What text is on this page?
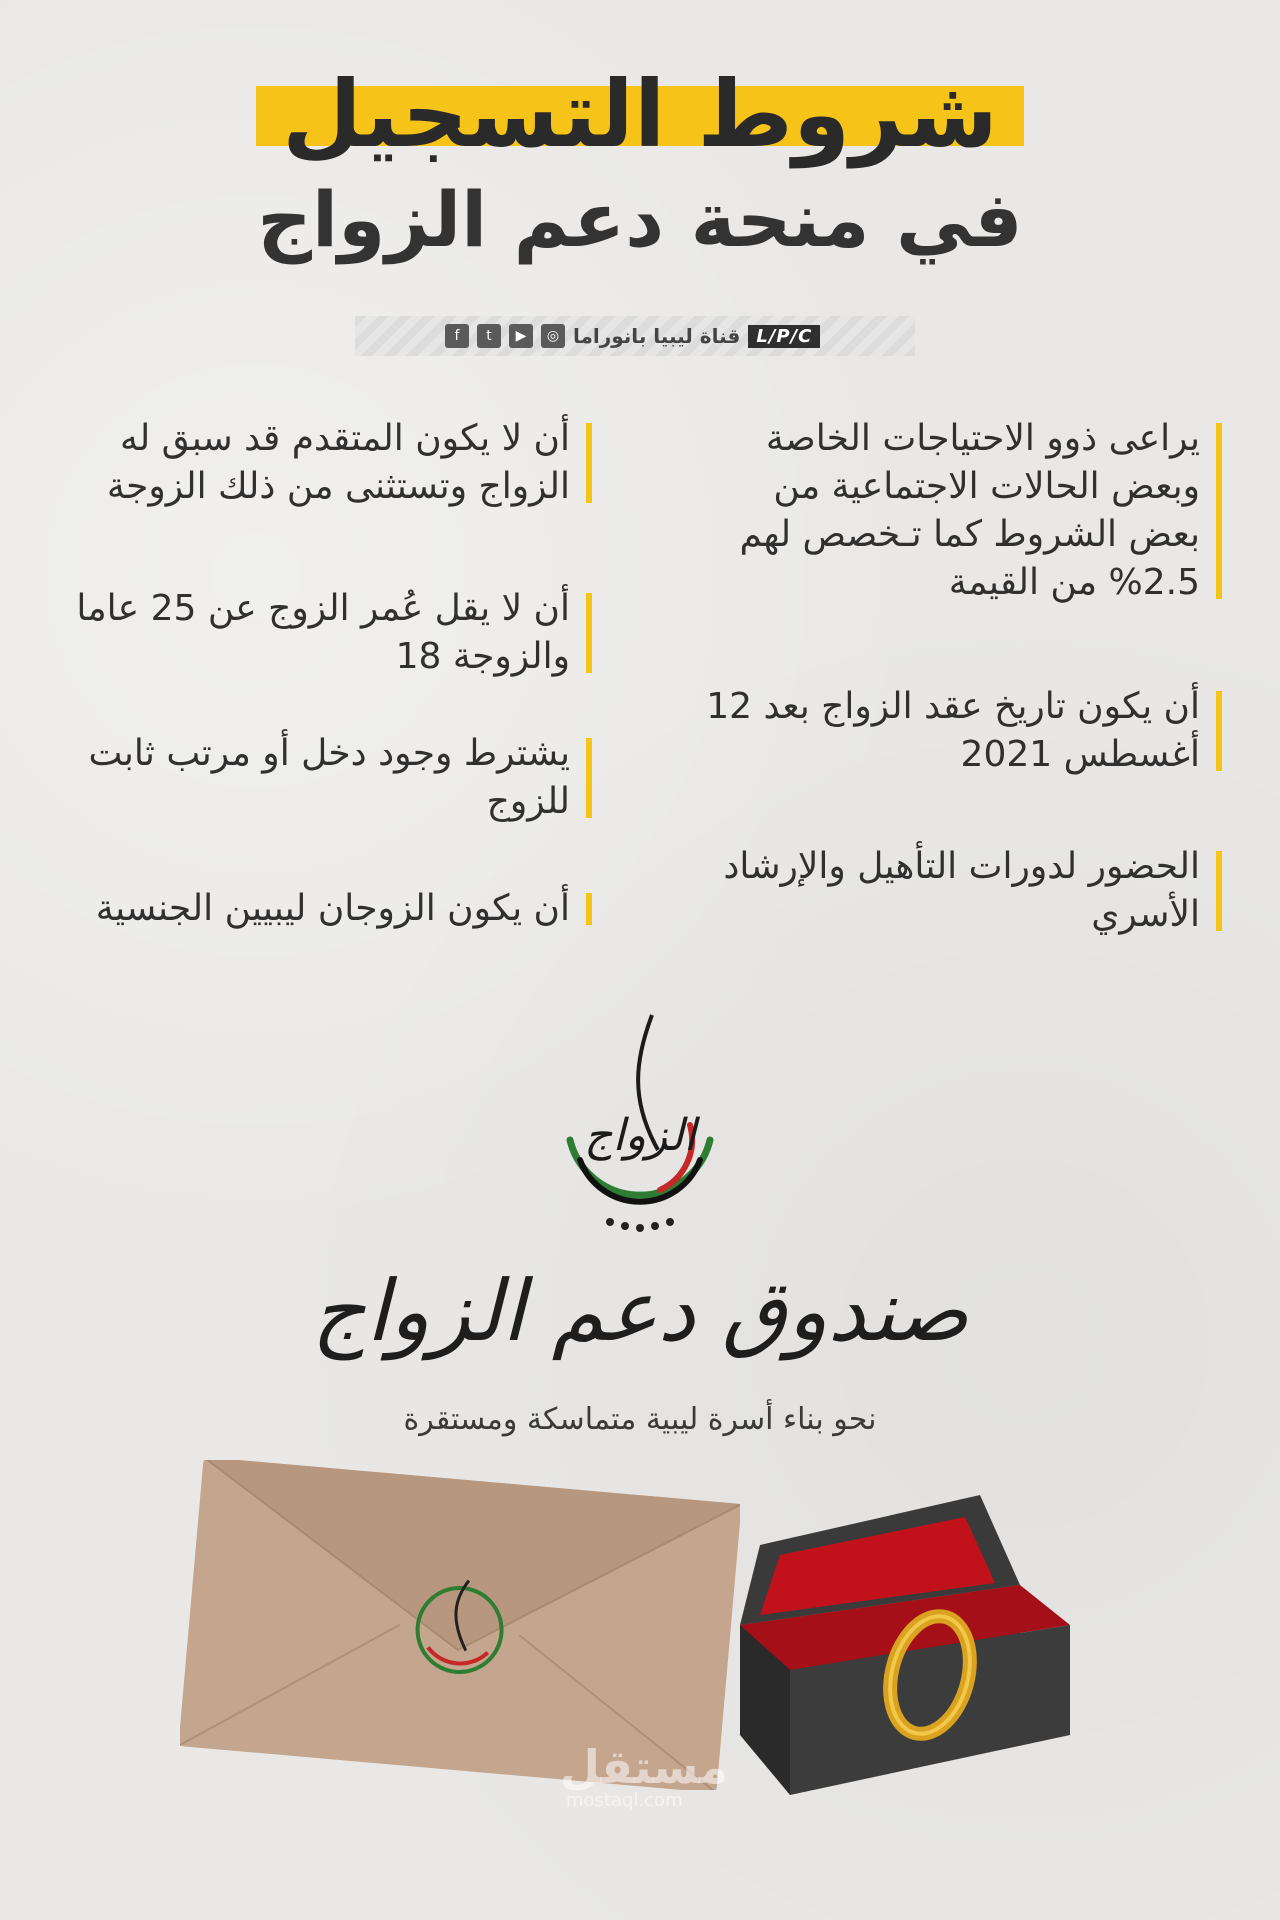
شروط التسجيل
في منحة دعم الزواج
f	t	▶	◎ قناة ليبيا بانوراما L/P/C
يراعى ذوو الاحتياجات الخاصة وبعض الحالات الاجتماعية من بعض الشروط كما تـخصص لهم 2.5% من القيمة
أن يكون تاريخ عقد الزواج بعد 12 أغسطس 2021
الحضور لدورات التأهيل والإرشاد الأسري
أن لا يكون المتقدم قد سبق له الزواج وتستثنى من ذلك الزوجة
أن لا يقل عُمر الزوج عن 25 عاما والزوجة 18
يشترط وجود دخل أو مرتب ثابت للزوج
أن يكون الزوجان ليبيين الجنسية
الزواج
صندوق دعم الزواج
نحو بناء أسرة ليبية متماسكة ومستقرة
مستقل
mostaql.com
